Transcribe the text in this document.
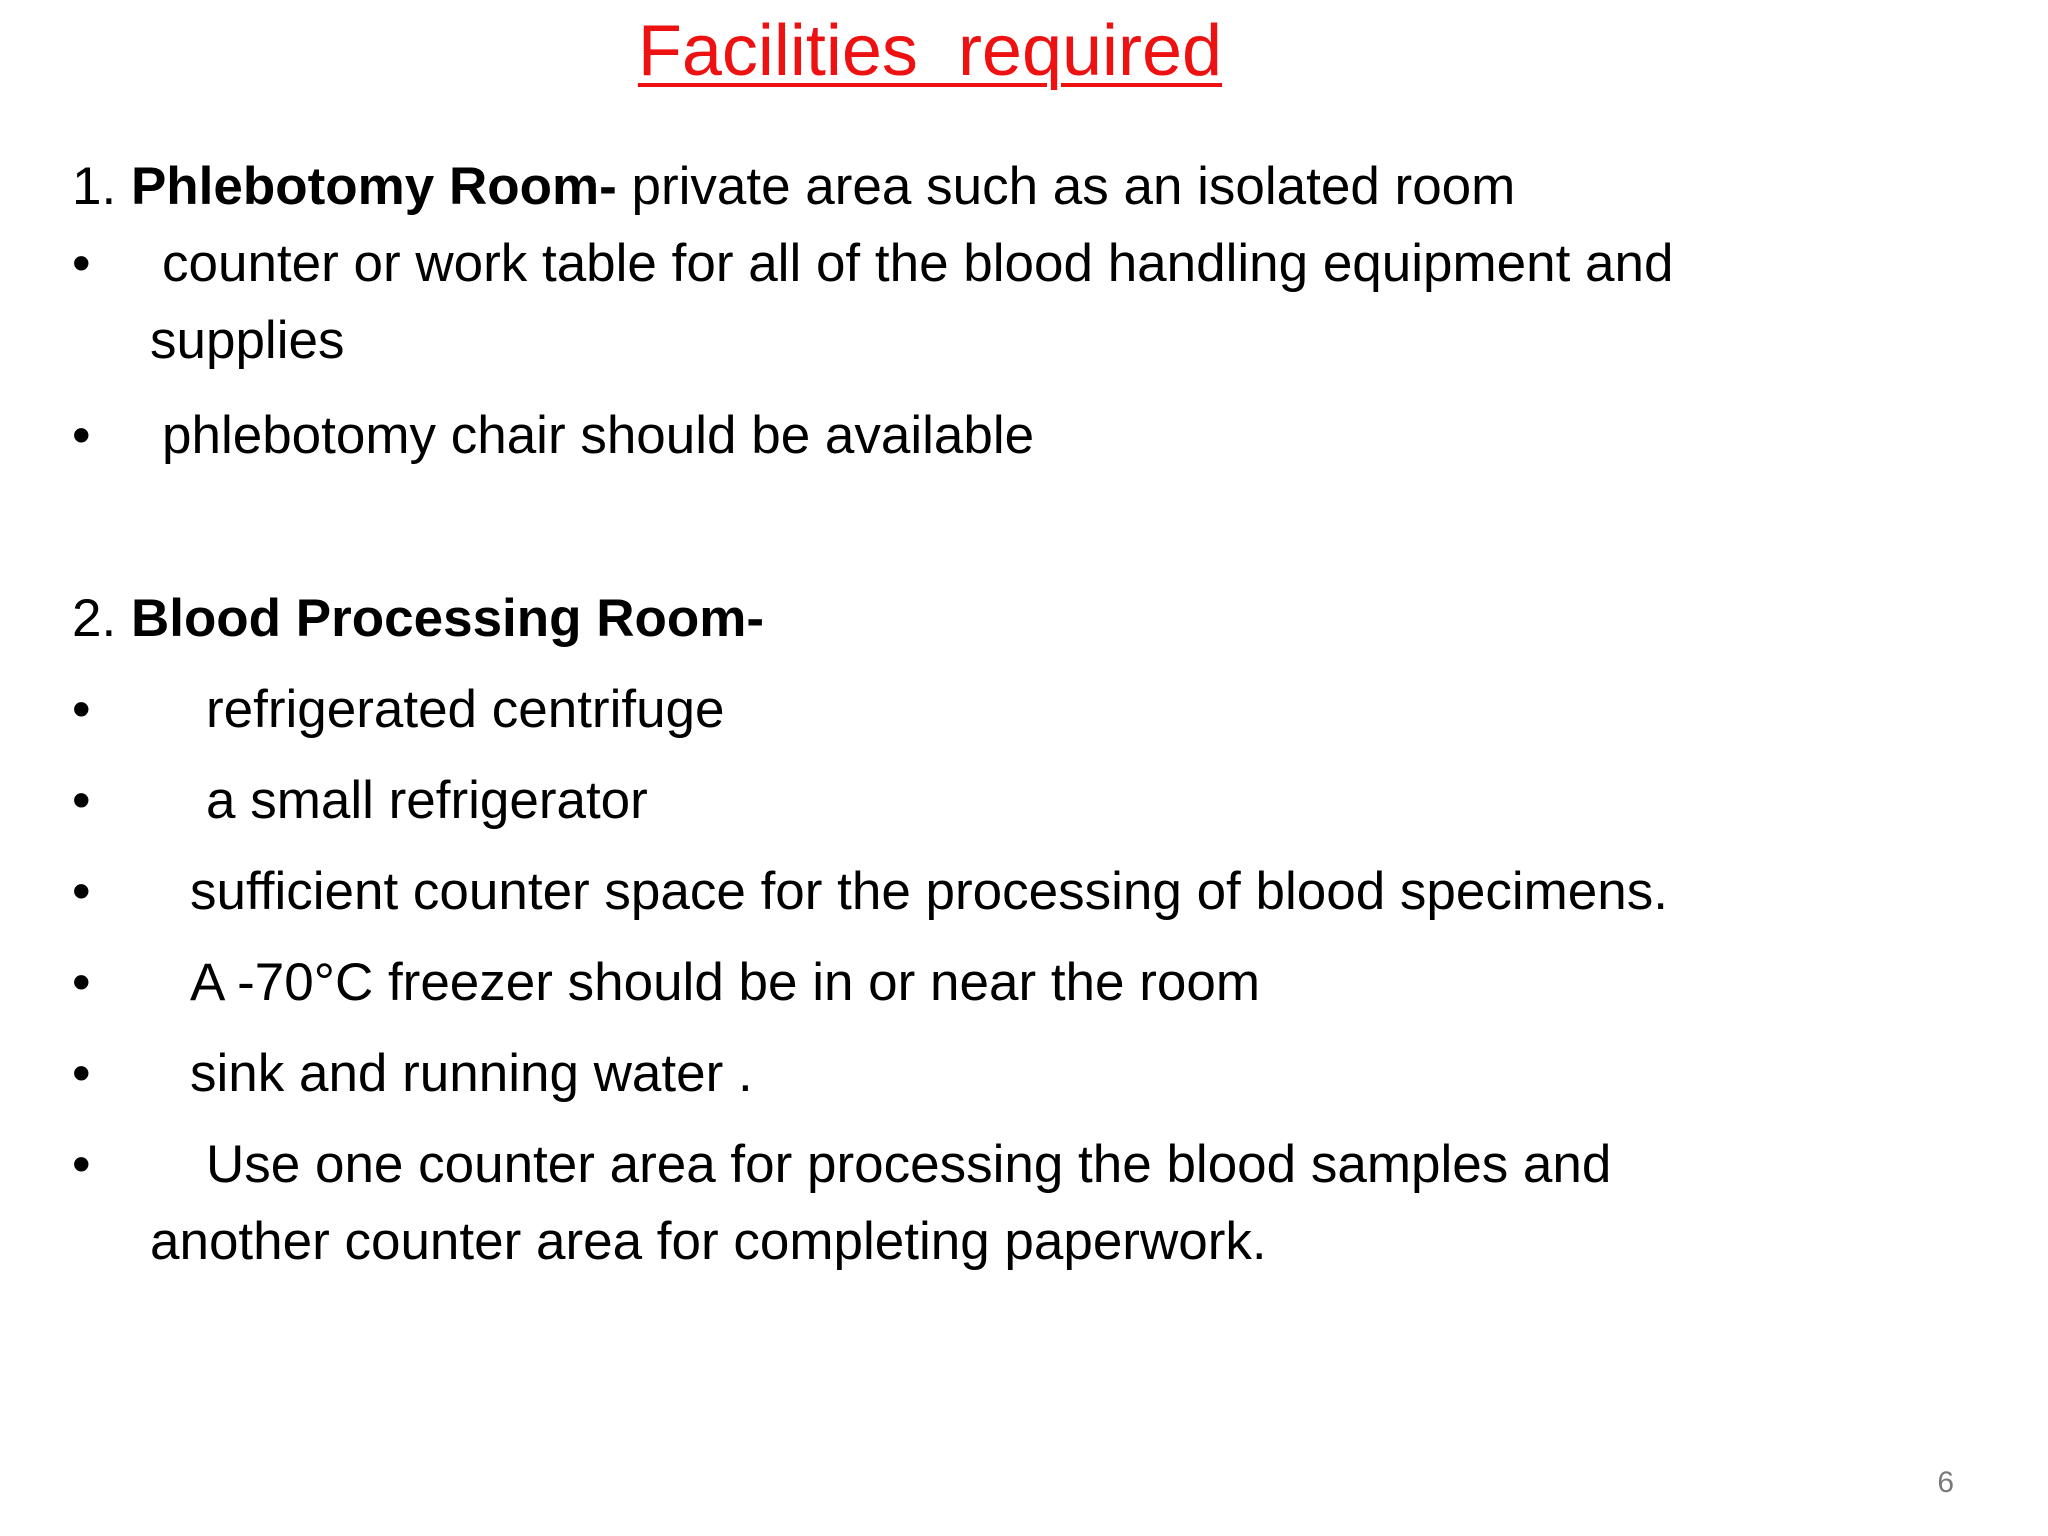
Facilities  required
1. Phlebotomy Room- private area such as an isolated room
• counter or work table for all of the blood handling equipment and
supplies
• phlebotomy chair should be available
2. Blood Processing Room-
• refrigerated centrifuge
• a small refrigerator
• sufficient counter space for the processing of blood specimens.
• A -70°C freezer should be in or near the room
• sink and running water .
• Use one counter area for processing the blood samples and
another counter area for completing paperwork.
6
